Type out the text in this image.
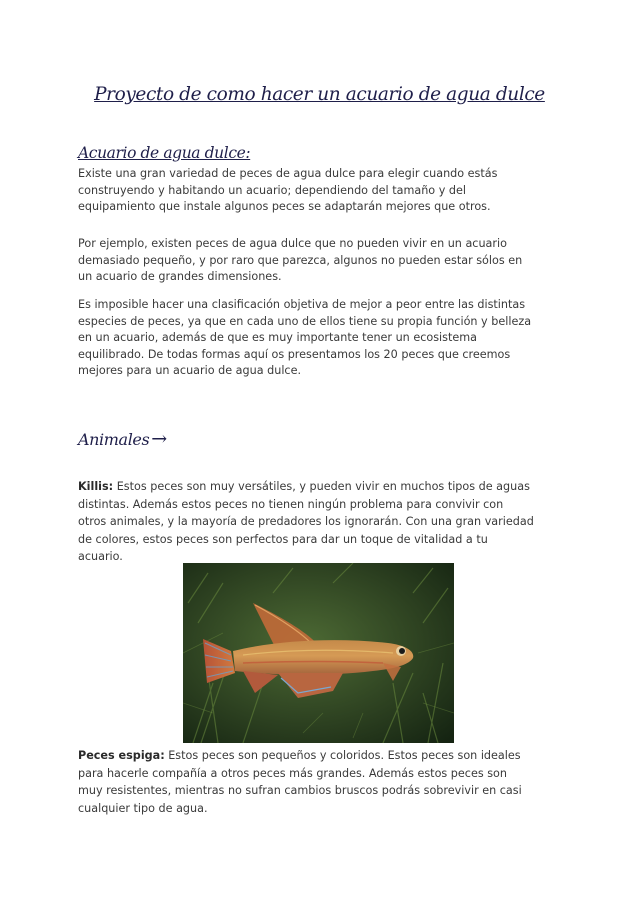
Proyecto de como hacer un acuario de agua dulce
Acuario de agua dulce:

Existe una gran variedad de peces de agua dulce para elegir cuando estás
construyendo y habitando un acuario; dependiendo del tamaño y del
equipamiento que instale algunos peces se adaptarán mejores que otros.

Por ejemplo, existen peces de agua dulce que no pueden vivir en un acuario
demasiado pequeño, y por raro que parezca, algunos no pueden estar sólos en
un acuario de grandes dimensiones.

Es imposible hacer una clasificación objetiva de mejor a peor entre las distintas
especies de peces, ya que en cada uno de ellos tiene su propia función y belleza
en un acuario, además de que es muy importante tener un ecosistema
equilibrado. De todas formas aquí os presentamos los 20 peces que creemos
mejores para un acuario de agua dulce.

Animales →

Killis: Estos peces son muy versátiles, y pueden vivir en muchos tipos de aguas
distintas. Además estos peces no tienen ningún problema para convivir con
otros animales, y la mayoría de predadores los ignorarán. Con una gran variedad
de colores, estos peces son perfectos para dar un toque de vitalidad a tu
acuario.

Peces espiga: Estos peces son pequeños y coloridos. Estos peces son ideales
para hacerle compañía a otros peces más grandes. Además estos peces son
muy resistentes, mientras no sufran cambios bruscos podrás sobrevivir en casi
cualquier tipo de agua.
